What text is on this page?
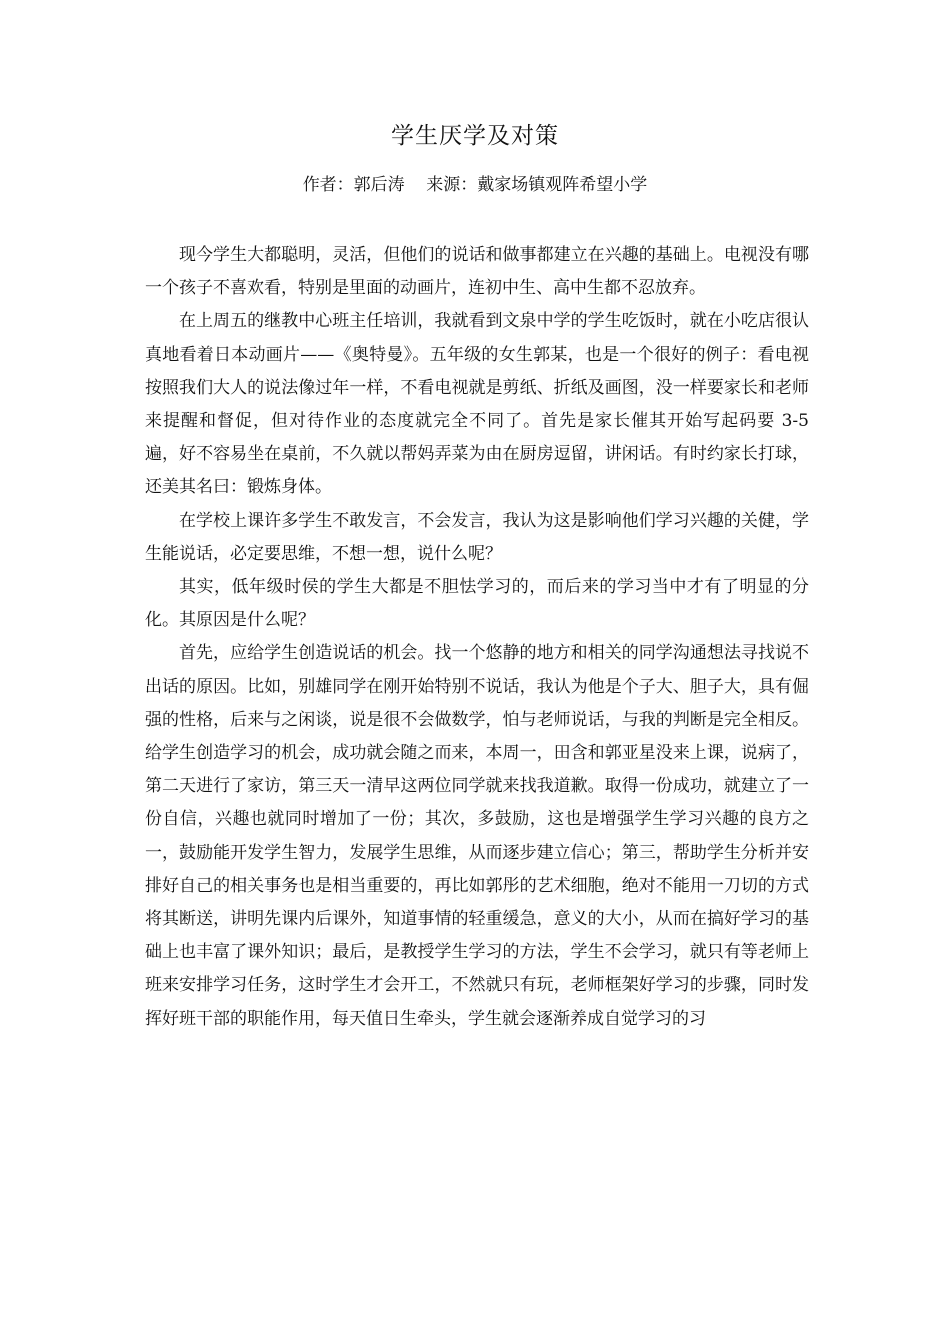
学生厌学及对策
作者：郭后涛    来源：戴家场镇观阵希望小学

现今学生大都聪明，灵活，但他们的说话和做事都建立在兴趣的基础上。电视没有哪一个孩子不喜欢看，特别是里面的动画片，连初中生、高中生都不忍放弃。

在上周五的继教中心班主任培训，我就看到文泉中学的学生吃饭时，就在小吃店很认真地看着日本动画片——《奥特曼》。五年级的女生郭某，也是一个很好的例子：看电视按照我们大人的说法像过年一样，不看电视就是剪纸、折纸及画图，没一样要家长和老师来提醒和督促，但对待作业的态度就完全不同了。首先是家长催其开始写起码要 3-5 遍，好不容易坐在桌前，不久就以帮妈弄菜为由在厨房逗留，讲闲话。有时约家长打球，还美其名曰：锻炼身体。

在学校上课许多学生不敢发言，不会发言，我认为这是影响他们学习兴趣的关健，学生能说话，必定要思维，不想一想，说什么呢？

其实，低年级时侯的学生大都是不胆怯学习的，而后来的学习当中才有了明显的分化。其原因是什么呢？

首先，应给学生创造说话的机会。找一个悠静的地方和相关的同学沟通想法寻找说不出话的原因。比如，别雄同学在刚开始特别不说话，我认为他是个子大、胆子大，具有倔强的性格，后来与之闲谈，说是很不会做数学，怕与老师说话，与我的判断是完全相反。给学生创造学习的机会，成功就会随之而来，本周一，田含和郭亚星没来上课，说病了，第二天进行了家访，第三天一清早这两位同学就来找我道歉。取得一份成功，就建立了一份自信，兴趣也就同时增加了一份；其次，多鼓励，这也是增强学生学习兴趣的良方之一，鼓励能开发学生智力，发展学生思维，从而逐步建立信心；第三，帮助学生分析并安排好自己的相关事务也是相当重要的，再比如郭彤的艺术细胞，绝对不能用一刀切的方式将其断送，讲明先课内后课外，知道事情的轻重缓急，意义的大小，从而在搞好学习的基础上也丰富了课外知识；最后，是教授学生学习的方法，学生不会学习，就只有等老师上班来安排学习任务，这时学生才会开工，不然就只有玩，老师框架好学习的步骤，同时发挥好班干部的职能作用，每天值日生牵头，学生就会逐渐养成自觉学习的习
